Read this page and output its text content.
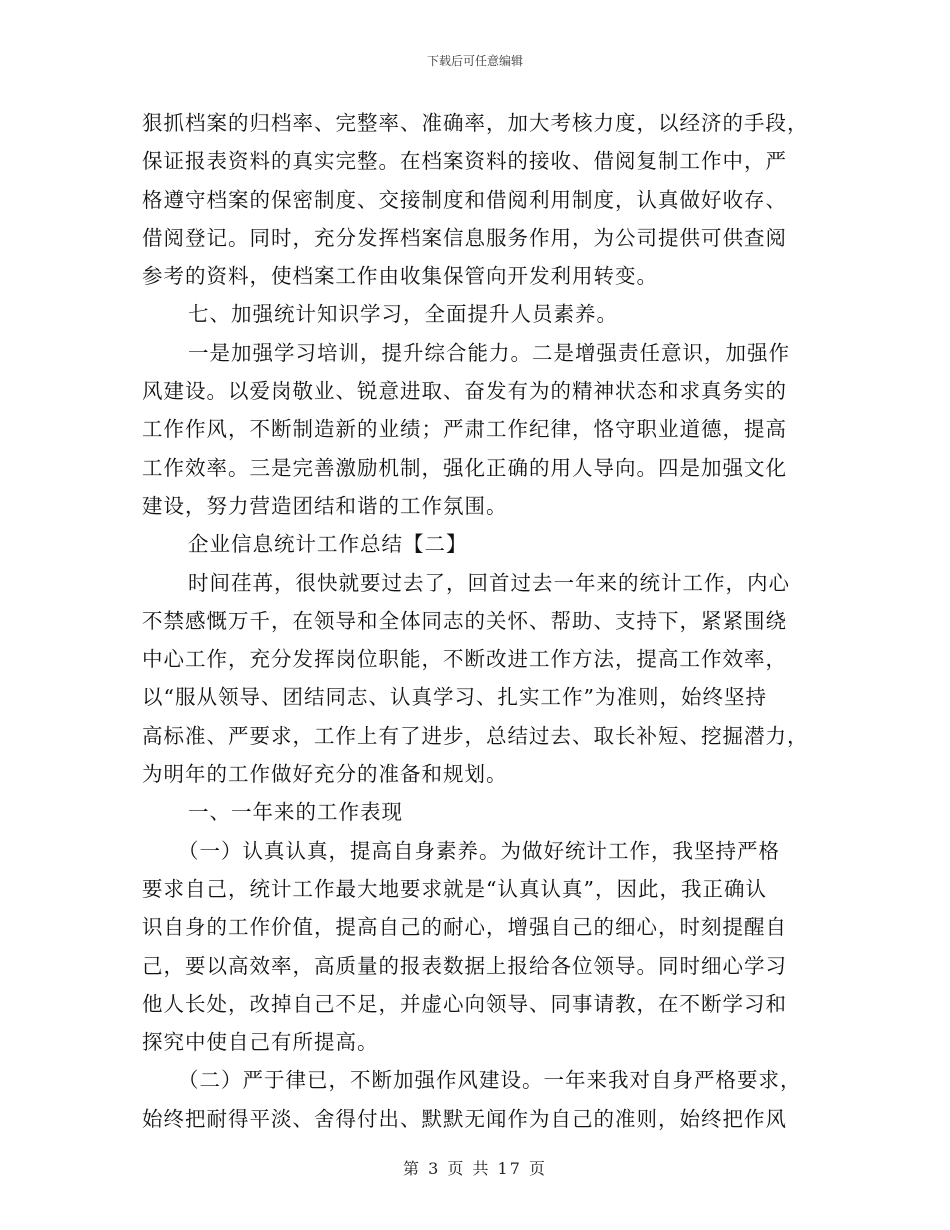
下载后可任意编辑
狠抓档案的归档率、完整率、准确率，加大考核力度，以经济的手段，
保证报表资料的真实完整。在档案资料的接收、借阅复制工作中，严
格遵守档案的保密制度、交接制度和借阅利用制度，认真做好收存、
借阅登记。同时，充分发挥档案信息服务作用，为公司提供可供查阅
参考的资料，使档案工作由收集保管向开发利用转变。
七、加强统计知识学习，全面提升人员素养。
一是加强学习培训，提升综合能力。二是增强责任意识，加强作
风建设。以爱岗敬业、锐意进取、奋发有为的精神状态和求真务实的
工作作风，不断制造新的业绩；严肃工作纪律，恪守职业道德，提高
工作效率。三是完善激励机制，强化正确的用人导向。四是加强文化
建设，努力营造团结和谐的工作氛围。
企业信息统计工作总结【二】
时间荏苒，很快就要过去了，回首过去一年来的统计工作，内心
不禁感慨万千，在领导和全体同志的关怀、帮助、支持下，紧紧围绕
中心工作，充分发挥岗位职能，不断改进工作方法，提高工作效率，
以“服从领导、团结同志、认真学习、扎实工作”为准则，始终坚持
高标准、严要求，工作上有了进步，总结过去、取长补短、挖掘潜力，
为明年的工作做好充分的准备和规划。
一、一年来的工作表现
（一）认真认真，提高自身素养。为做好统计工作，我坚持严格
要求自己，统计工作最大地要求就是“认真认真”，因此，我正确认
识自身的工作价值，提高自己的耐心，增强自己的细心，时刻提醒自
己，要以高效率，高质量的报表数据上报给各位领导。同时细心学习
他人长处，改掉自己不足，并虚心向领导、同事请教，在不断学习和
探究中使自己有所提高。
（二）严于律已，不断加强作风建设。一年来我对自身严格要求，
始终把耐得平淡、舍得付出、默默无闻作为自己的准则，始终把作风
第 3 页 共 17 页
